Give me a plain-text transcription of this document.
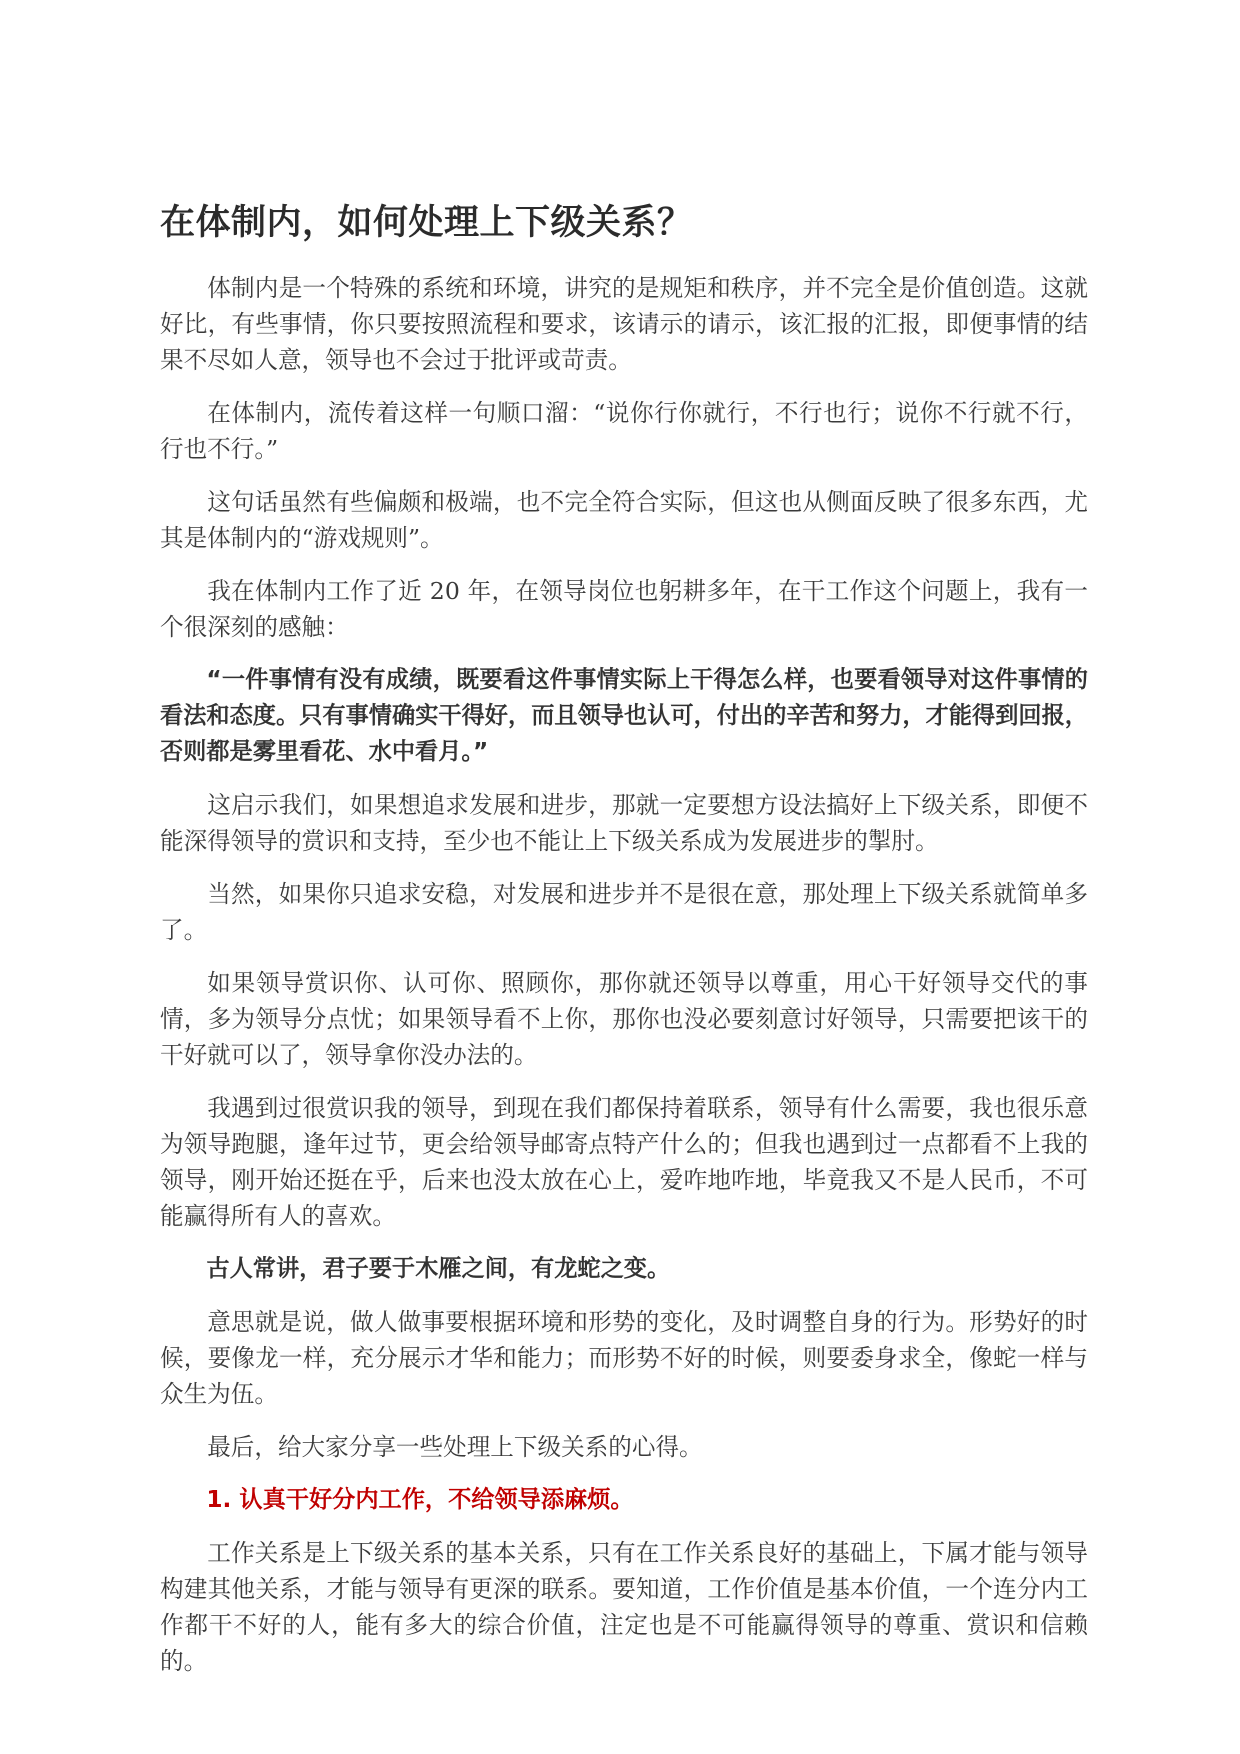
在体制内，如何处理上下级关系？

体制内是一个特殊的系统和环境，讲究的是规矩和秩序，并不完全是价值创造。这就好比，有些事情，你只要按照流程和要求，该请示的请示，该汇报的汇报，即便事情的结果不尽如人意，领导也不会过于批评或苛责。

在体制内，流传着这样一句顺口溜：“说你行你就行，不行也行；说你不行就不行，行也不行。”

这句话虽然有些偏颇和极端，也不完全符合实际，但这也从侧面反映了很多东西，尤其是体制内的“游戏规则”。

我在体制内工作了近 20 年，在领导岗位也躬耕多年，在干工作这个问题上，我有一个很深刻的感触：

“一件事情有没有成绩，既要看这件事情实际上干得怎么样，也要看领导对这件事情的看法和态度。只有事情确实干得好，而且领导也认可，付出的辛苦和努力，才能得到回报，否则都是雾里看花、水中看月。”

这启示我们，如果想追求发展和进步，那就一定要想方设法搞好上下级关系，即便不能深得领导的赏识和支持，至少也不能让上下级关系成为发展进步的掣肘。

当然，如果你只追求安稳，对发展和进步并不是很在意，那处理上下级关系就简单多了。

如果领导赏识你、认可你、照顾你，那你就还领导以尊重，用心干好领导交代的事情，多为领导分点忧；如果领导看不上你，那你也没必要刻意讨好领导，只需要把该干的干好就可以了，领导拿你没办法的。

我遇到过很赏识我的领导，到现在我们都保持着联系，领导有什么需要，我也很乐意为领导跑腿，逢年过节，更会给领导邮寄点特产什么的；但我也遇到过一点都看不上我的领导，刚开始还挺在乎，后来也没太放在心上，爱咋地咋地，毕竟我又不是人民币，不可能赢得所有人的喜欢。

古人常讲，君子要于木雁之间，有龙蛇之变。

意思就是说，做人做事要根据环境和形势的变化，及时调整自身的行为。形势好的时候，要像龙一样，充分展示才华和能力；而形势不好的时候，则要委身求全，像蛇一样与众生为伍。

最后，给大家分享一些处理上下级关系的心得。

1. 认真干好分内工作，不给领导添麻烦。

工作关系是上下级关系的基本关系，只有在工作关系良好的基础上，下属才能与领导构建其他关系，才能与领导有更深的联系。要知道，工作价值是基本价值，一个连分内工作都干不好的人，能有多大的综合价值，注定也是不可能赢得领导的尊重、赏识和信赖的。
